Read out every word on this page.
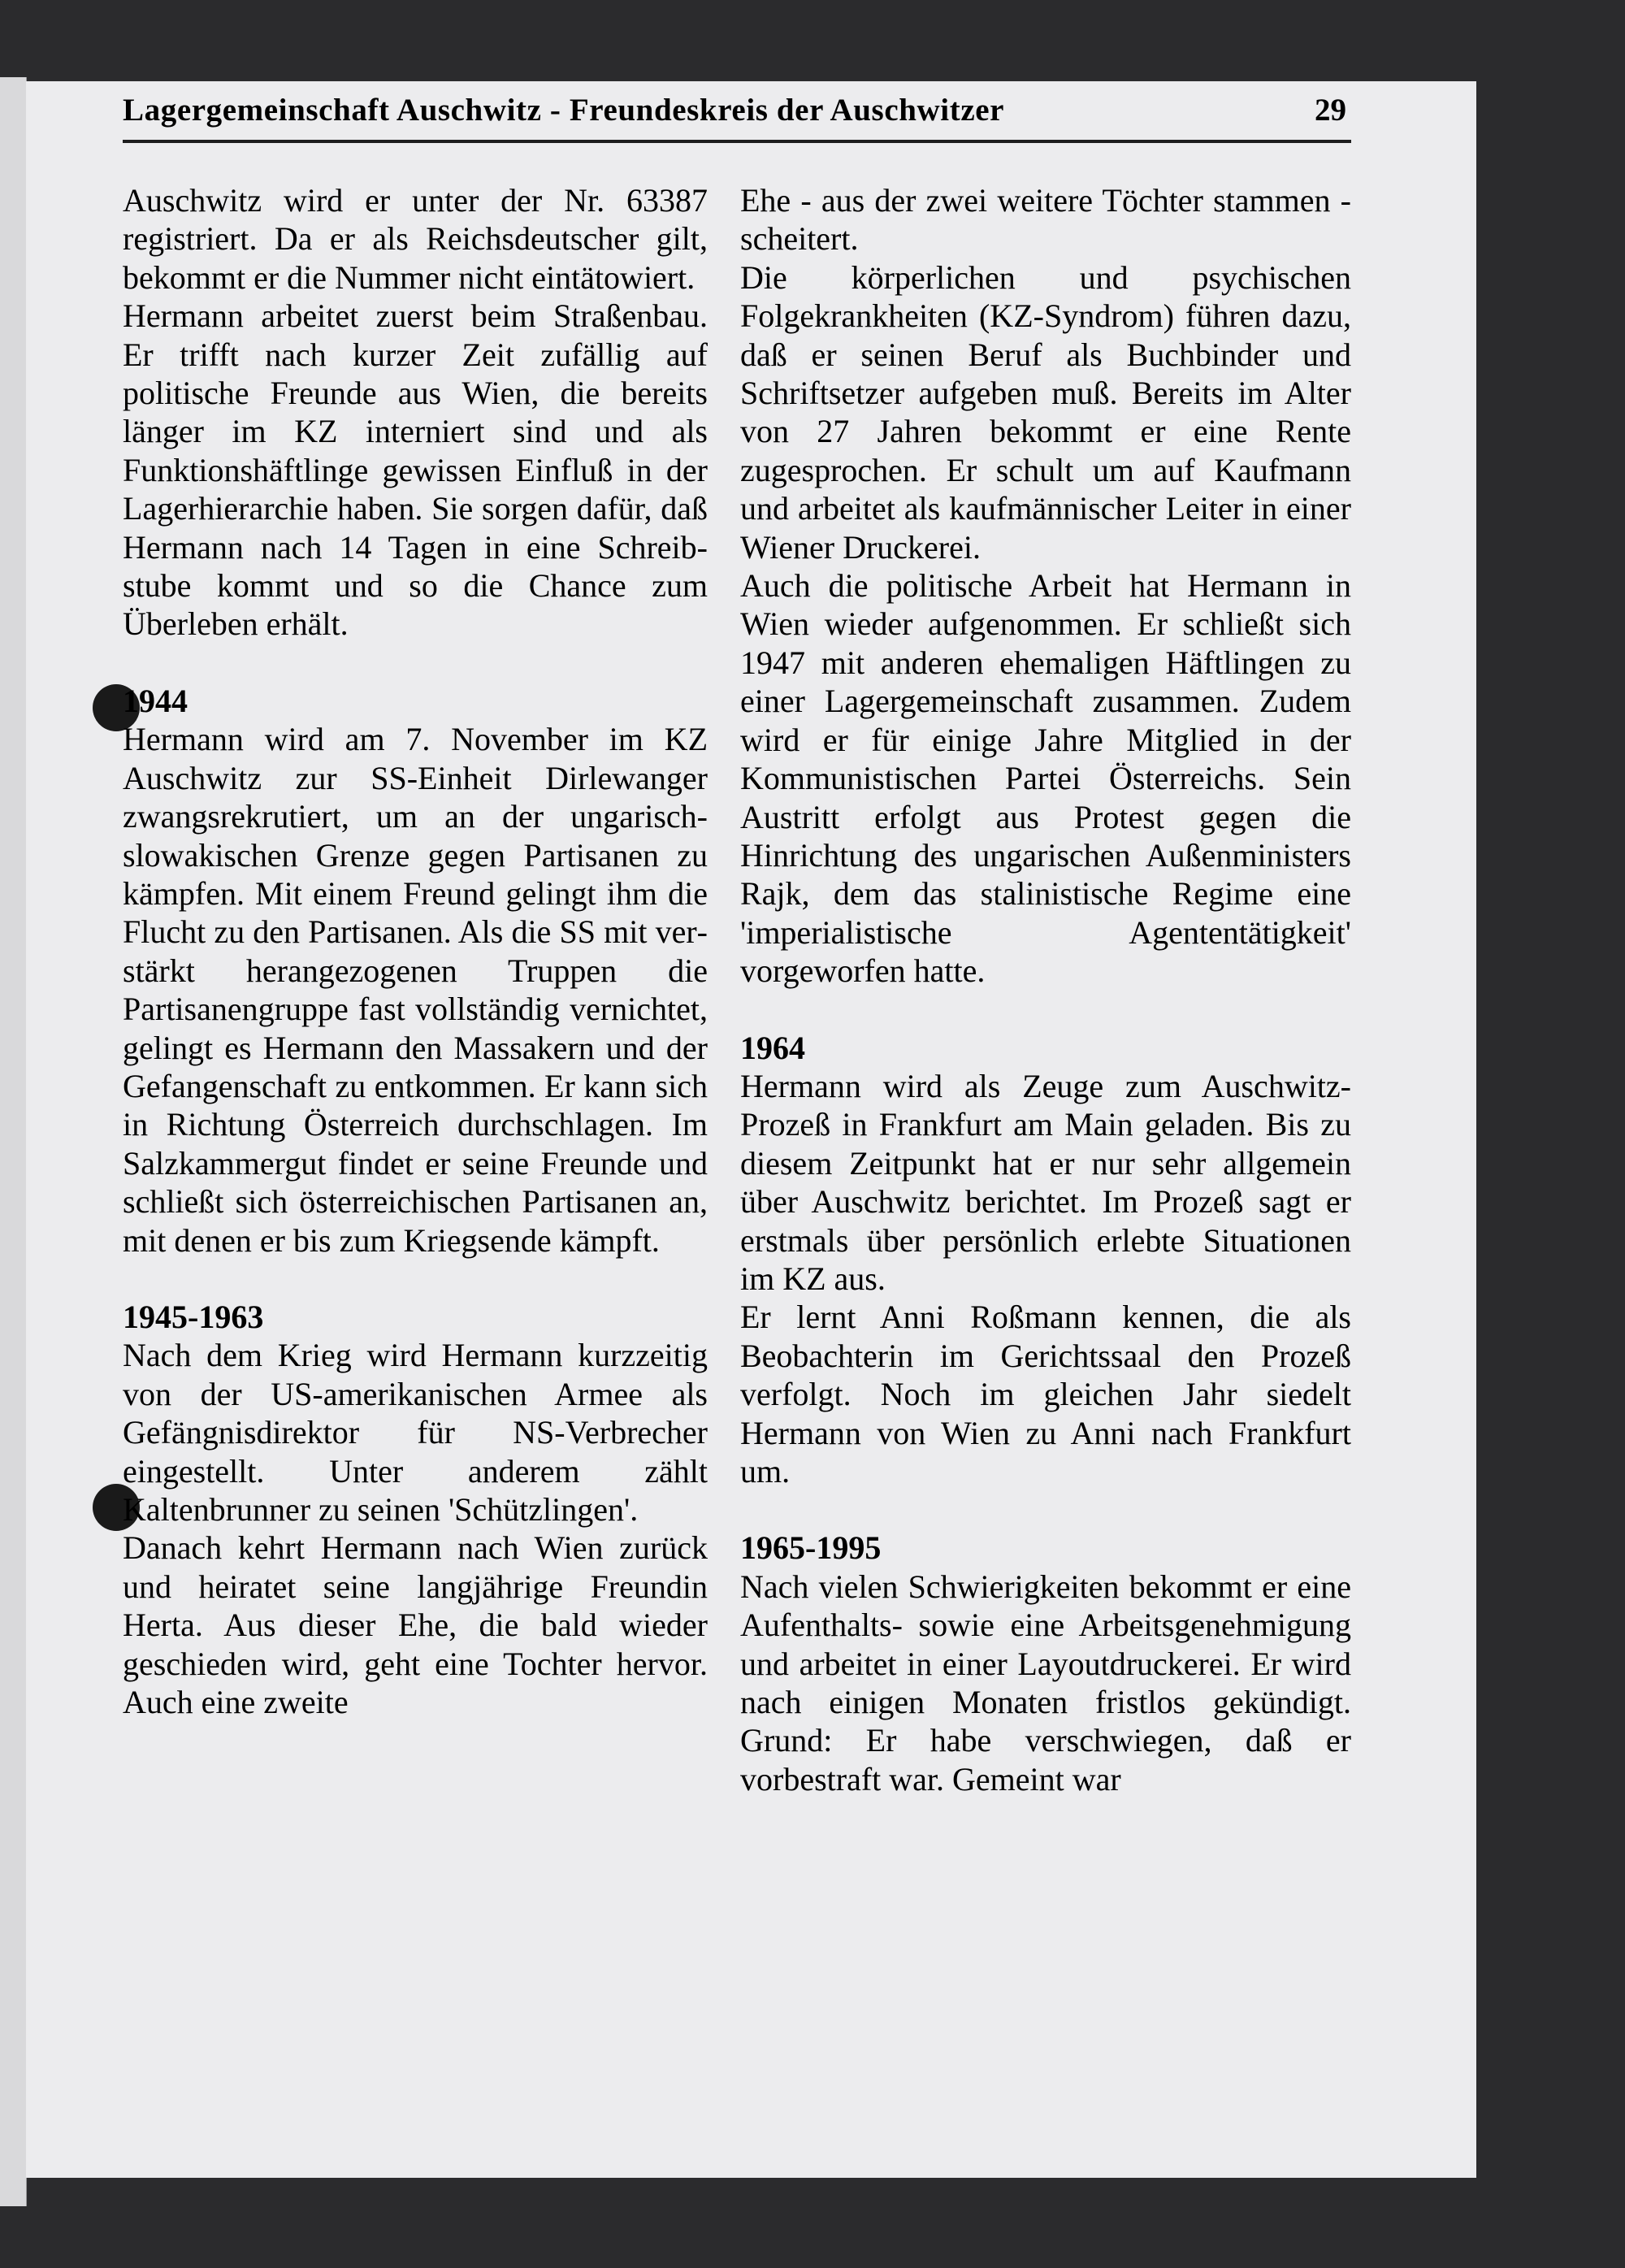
Lagergemeinschaft Auschwitz - Freundeskreis der Auschwitzer	29

Auschwitz wird er unter der Nr. 63387 registriert. Da er als Reichsdeutscher gilt, bekommt er die Nummer nicht eintätowiert.

Hermann arbeitet zuerst beim Straßenbau. Er trifft nach kurzer Zeit zufällig auf politische Freunde aus Wien, die bereits länger im KZ interniert sind und als Funktionshäftlinge gewissen Einfluß in der Lagerhierarchie haben. Sie sorgen dafür, daß Hermann nach 14 Tagen in eine Schreibstube kommt und so die Chance zum Überleben erhält.

1944

Hermann wird am 7. November im KZ Auschwitz zur SS-Einheit Dirlewanger zwangsrekrutiert, um an der ungarisch-slowakischen Grenze gegen Partisanen zu kämpfen. Mit einem Freund gelingt ihm die Flucht zu den Partisanen. Als die SS mit verstärkt herangezogenen Truppen die Partisanengruppe fast vollständig vernichtet, gelingt es Hermann den Massakern und der Gefangenschaft zu entkommen. Er kann sich in Richtung Österreich durchschlagen. Im Salzkammergut findet er seine Freunde und schließt sich österreichischen Partisanen an, mit denen er bis zum Kriegsende kämpft.

1945-1963

Nach dem Krieg wird Hermann kurzzeitig von der US-amerikanischen Armee als Gefängnisdirektor für NS-Verbrecher eingestellt. Unter anderem zählt Kaltenbrunner zu seinen 'Schützlingen'.

Danach kehrt Hermann nach Wien zurück und heiratet seine langjährige Freundin Herta. Aus dieser Ehe, die bald wieder geschieden wird, geht eine Tochter hervor. Auch eine zweite

Ehe - aus der zwei weitere Töchter stammen - scheitert.

Die körperlichen und psychischen Folgekrankheiten (KZ-Syndrom) führen dazu, daß er seinen Beruf als Buchbinder und Schriftsetzer aufgeben muß. Bereits im Alter von 27 Jahren bekommt er eine Rente zugesprochen. Er schult um auf Kaufmann und arbeitet als kaufmännischer Leiter in einer Wiener Druckerei.

Auch die politische Arbeit hat Hermann in Wien wieder aufgenommen. Er schließt sich 1947 mit anderen ehemaligen Häftlingen zu einer Lagergemeinschaft zusammen. Zudem wird er für einige Jahre Mitglied in der Kommunistischen Partei Österreichs. Sein Austritt erfolgt aus Protest gegen die Hinrichtung des ungarischen Außenministers Rajk, dem das stalinistische Regime eine 'imperialistische Agententätigkeit' vorgeworfen hatte.

1964

Hermann wird als Zeuge zum Auschwitz-Prozeß in Frankfurt am Main geladen. Bis zu diesem Zeitpunkt hat er nur sehr allgemein über Auschwitz berichtet. Im Prozeß sagt er erstmals über persönlich erlebte Situationen im KZ aus.

Er lernt Anni Roßmann kennen, die als Beobachterin im Gerichtssaal den Prozeß verfolgt. Noch im gleichen Jahr siedelt Hermann von Wien zu Anni nach Frankfurt um.

1965-1995

Nach vielen Schwierigkeiten bekommt er eine Aufenthalts- sowie eine Arbeitsgenehmigung und arbeitet in einer Layoutdruckerei. Er wird nach einigen Monaten fristlos gekündigt. Grund: Er habe verschwiegen, daß er vorbestraft war. Gemeint war
